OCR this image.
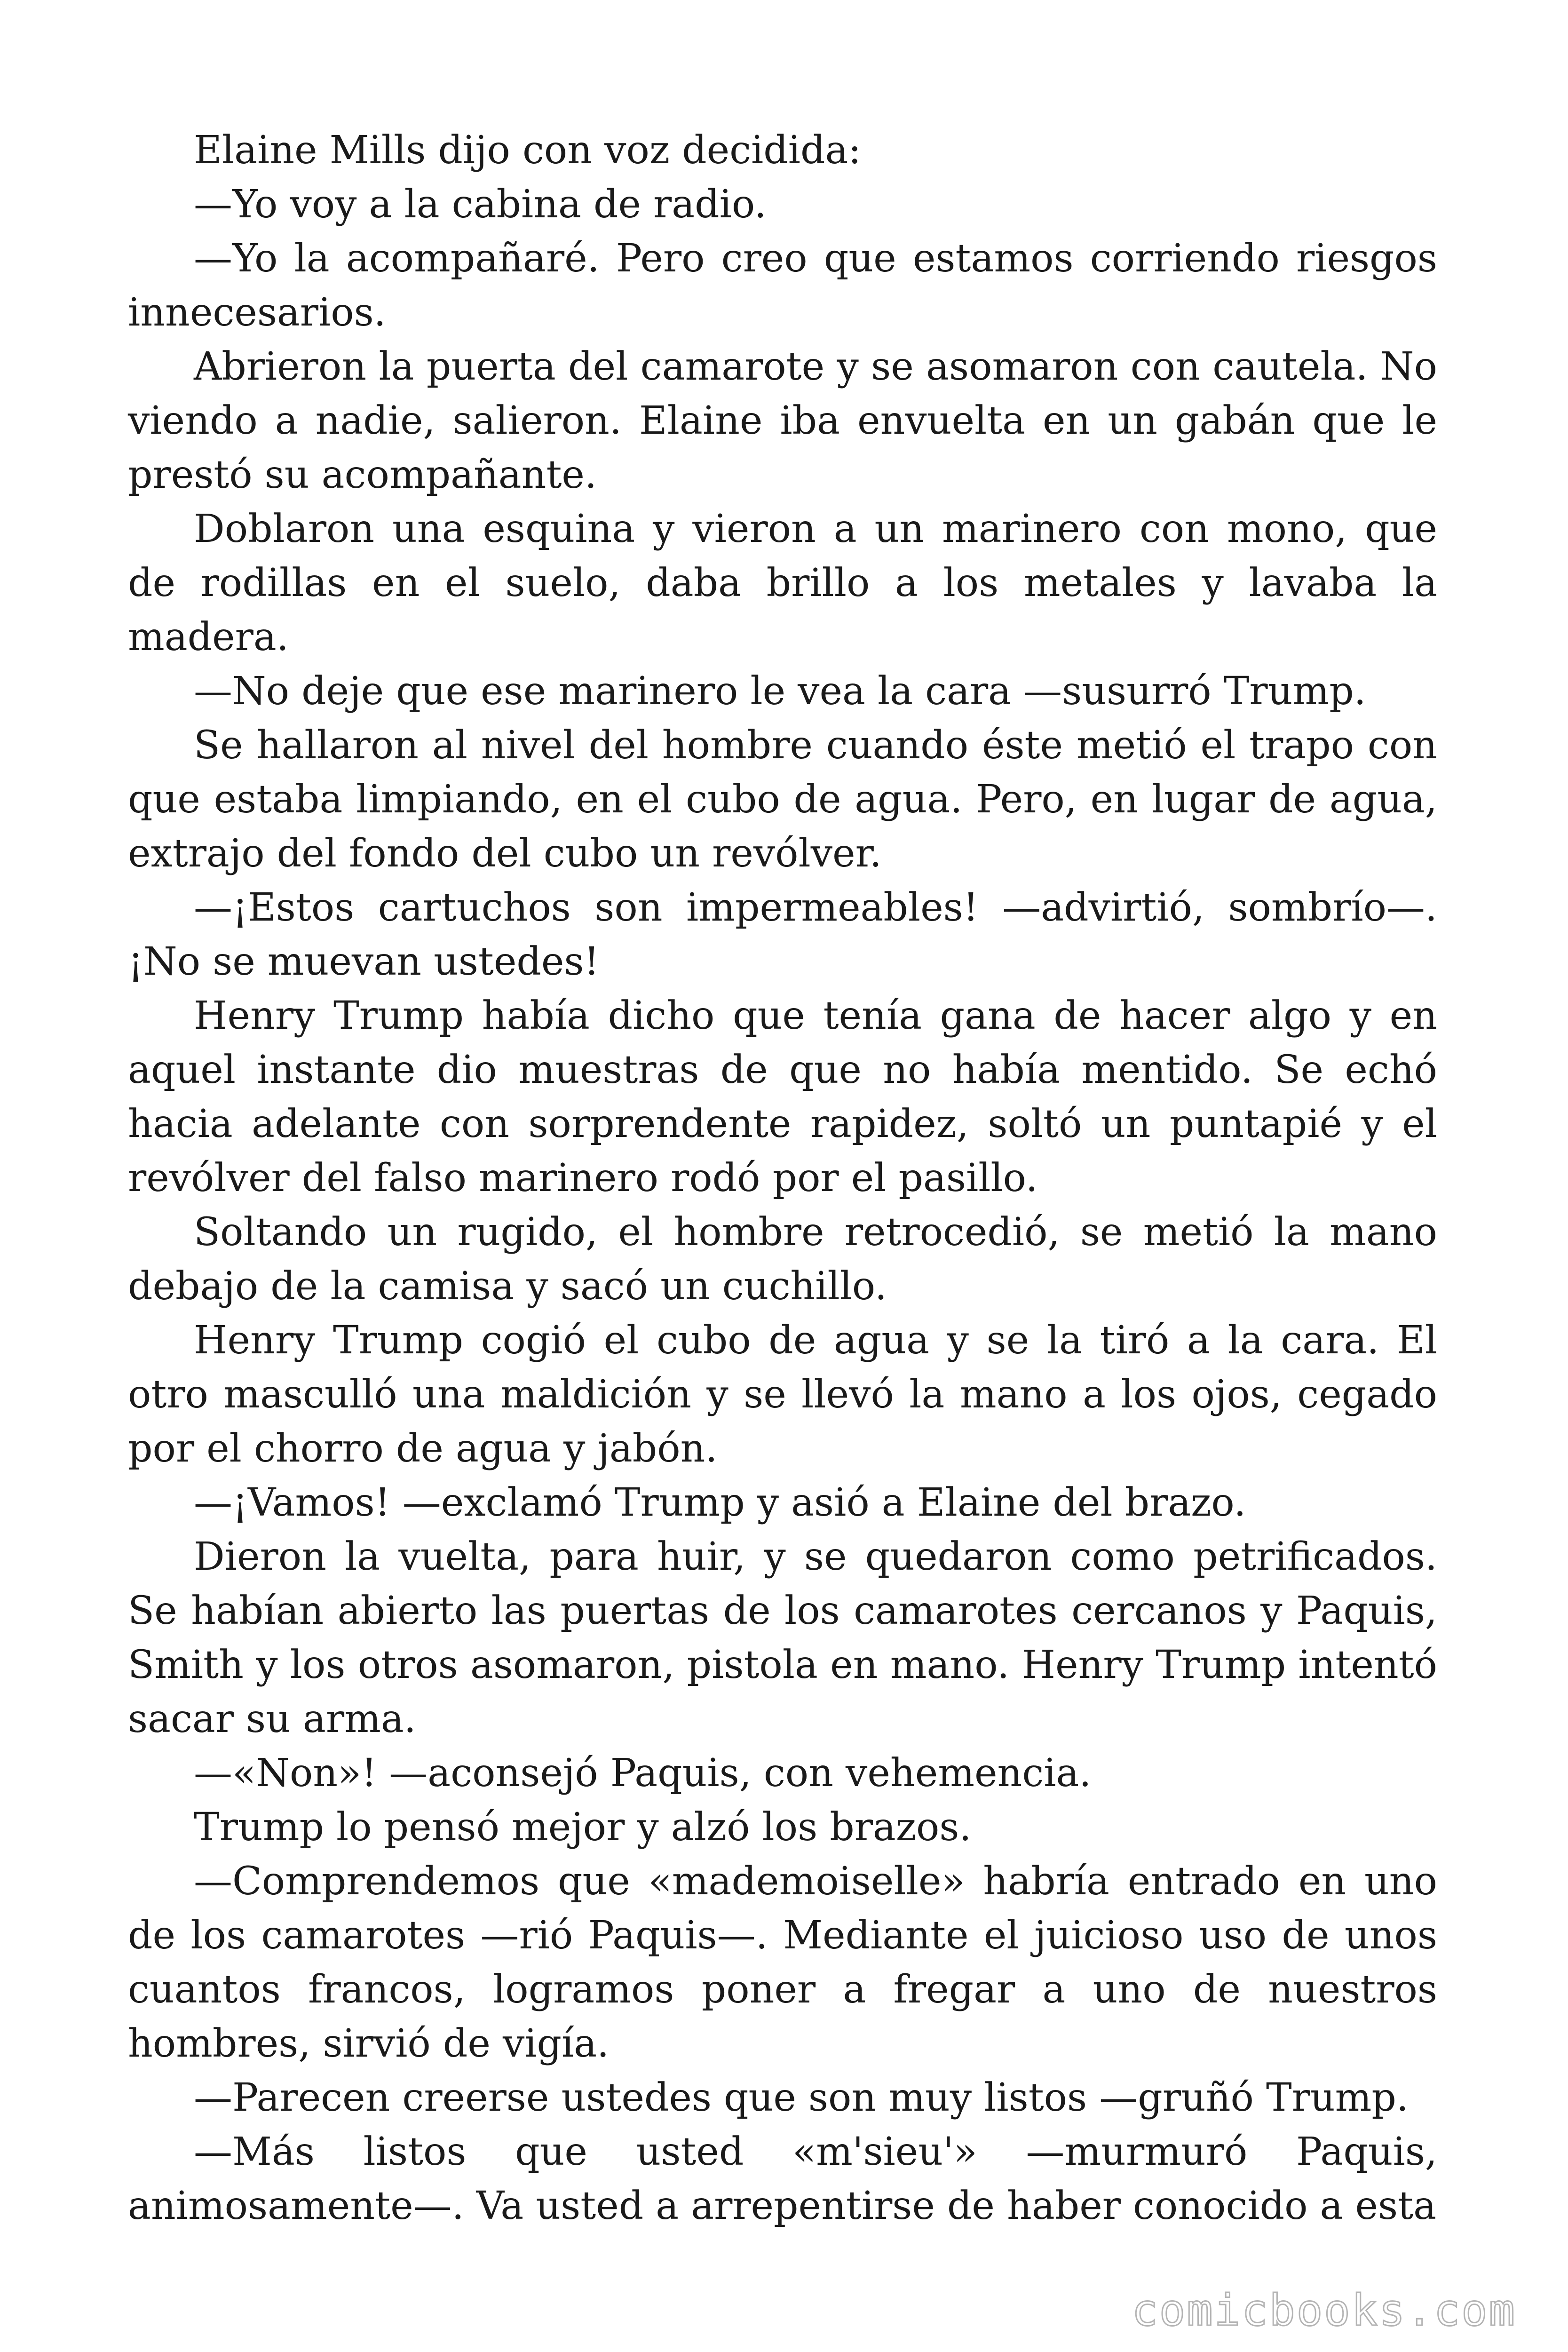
Elaine Mills dijo con voz decidida:

—Yo voy a la cabina de radio.

—Yo la acompañaré. Pero creo que estamos corriendo riesgos innecesarios.

Abrieron la puerta del camarote y se asomaron con cautela. No viendo a nadie, salieron. Elaine iba envuelta en un gabán que le prestó su acompañante.

Doblaron una esquina y vieron a un marinero con mono, que de rodillas en el suelo, daba brillo a los metales y lavaba la madera.

—No deje que ese marinero le vea la cara —susurró Trump.

Se hallaron al nivel del hombre cuando éste metió el trapo con que estaba limpiando, en el cubo de agua. Pero, en lugar de agua, extrajo del fondo del cubo un revólver.

—¡Estos cartuchos son impermeables! —advirtió, sombrío—. ¡No se muevan ustedes!

Henry Trump había dicho que tenía gana de hacer algo y en aquel instante dio muestras de que no había mentido. Se echó hacia adelante con sorprendente rapidez, soltó un puntapié y el revólver del falso marinero rodó por el pasillo.

Soltando un rugido, el hombre retrocedió, se metió la mano debajo de la camisa y sacó un cuchillo.

Henry Trump cogió el cubo de agua y se la tiró a la cara. El otro masculló una maldición y se llevó la mano a los ojos, cegado por el chorro de agua y jabón.

—¡Vamos! —exclamó Trump y asió a Elaine del brazo.

Dieron la vuelta, para huir, y se quedaron como petrificados. Se habían abierto las puertas de los camarotes cercanos y Paquis, Smith y los otros asomaron, pistola en mano. Henry Trump intentó sacar su arma.

—«Non»! —aconsejó Paquis, con vehemencia.

Trump lo pensó mejor y alzó los brazos.

—Comprendemos que «mademoiselle» habría entrado en uno de los camarotes —rió Paquis—. Mediante el juicioso uso de unos cuantos francos, logramos poner a fregar a uno de nuestros hombres, sirvió de vigía.

—Parecen creerse ustedes que son muy listos —gruñó Trump.

—Más listos que usted «m'sieu'» —murmuró Paquis, animosamente—. Va usted a arrepentirse de haber conocido a esta

comicbooks.com
